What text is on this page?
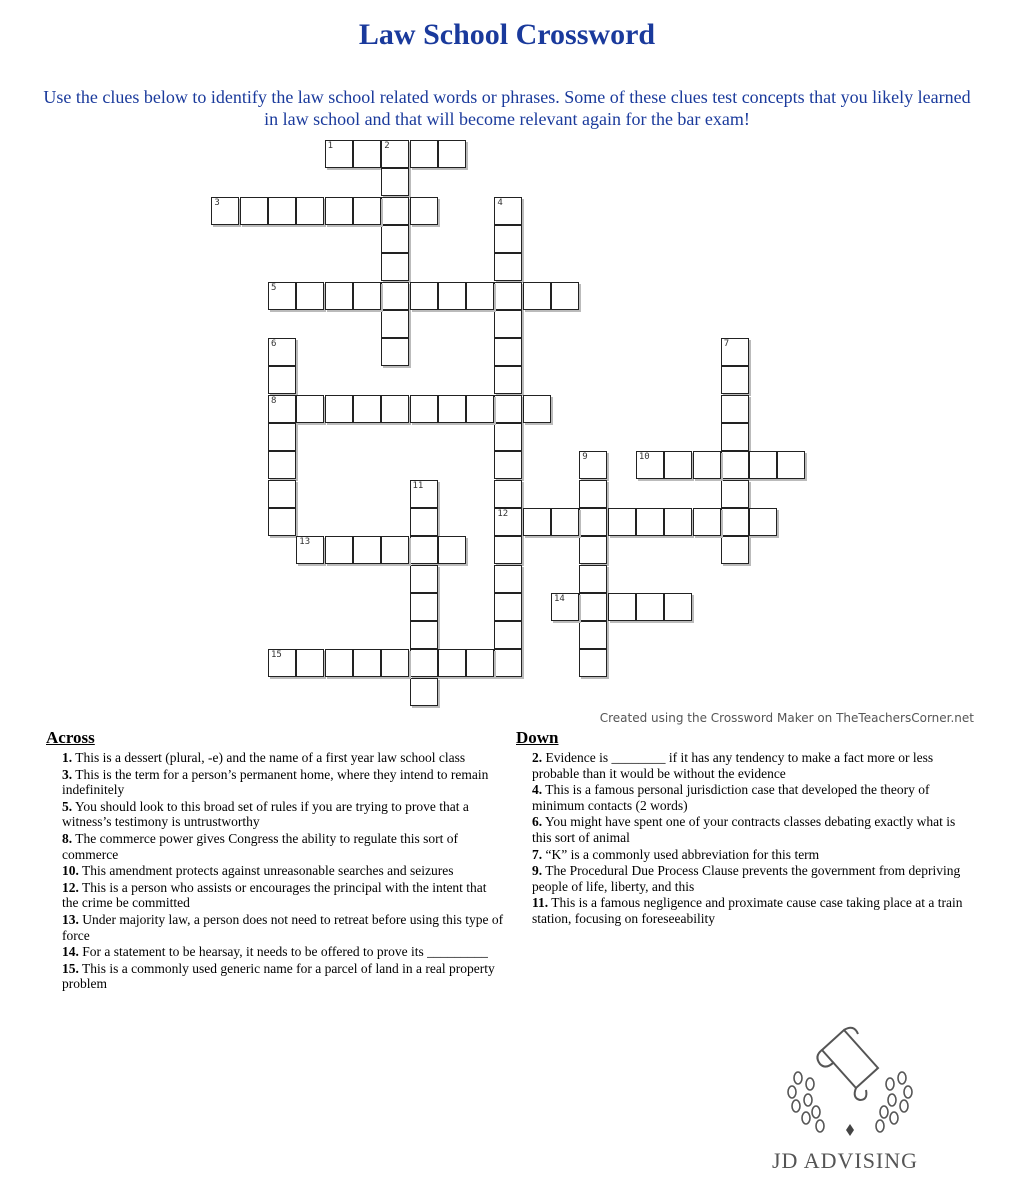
Law School Crossword
Use the clues below to identify the law school related words or phrases. Some of these clues test concepts that you likely learned in law school and that will become relevant again for the bar exam!
1	2
3	4
12
5
6
8
7
9	10
11
13
14
15
Created using the Crossword Maker on TheTeachersCorner.net
Across
1. This is a dessert (plural, -e) and the name of a first year law school class
3. This is the term for a person’s permanent home, where they intend to remain indefinitely
5. You should look to this broad set of rules if you are trying to prove that a witness’s testimony is untrustworthy
8. The commerce power gives Congress the ability to regulate this sort of commerce
10. This amendment protects against unreasonable searches and seizures
12. This is a person who assists or encourages the principal with the intent that the crime be committed
13. Under majority law, a person does not need to retreat before using this type of force
14. For a statement to be hearsay, it needs to be offered to prove its _________
15. This is a commonly used generic name for a parcel of land in a real property problem
Down
2. Evidence is ________ if it has any tendency to make a fact more or less probable than it would be without the evidence
4. This is a famous personal jurisdiction case that developed the theory of minimum contacts (2 words)
6. You might have spent one of your contracts classes debating exactly what is this sort of animal
7. “K” is a commonly used abbreviation for this term
9. The Procedural Due Process Clause prevents the government from depriving people of life, liberty, and this
11. This is a famous negligence and proximate cause case taking place at a train station, focusing on foreseeability
JD ADVISING
